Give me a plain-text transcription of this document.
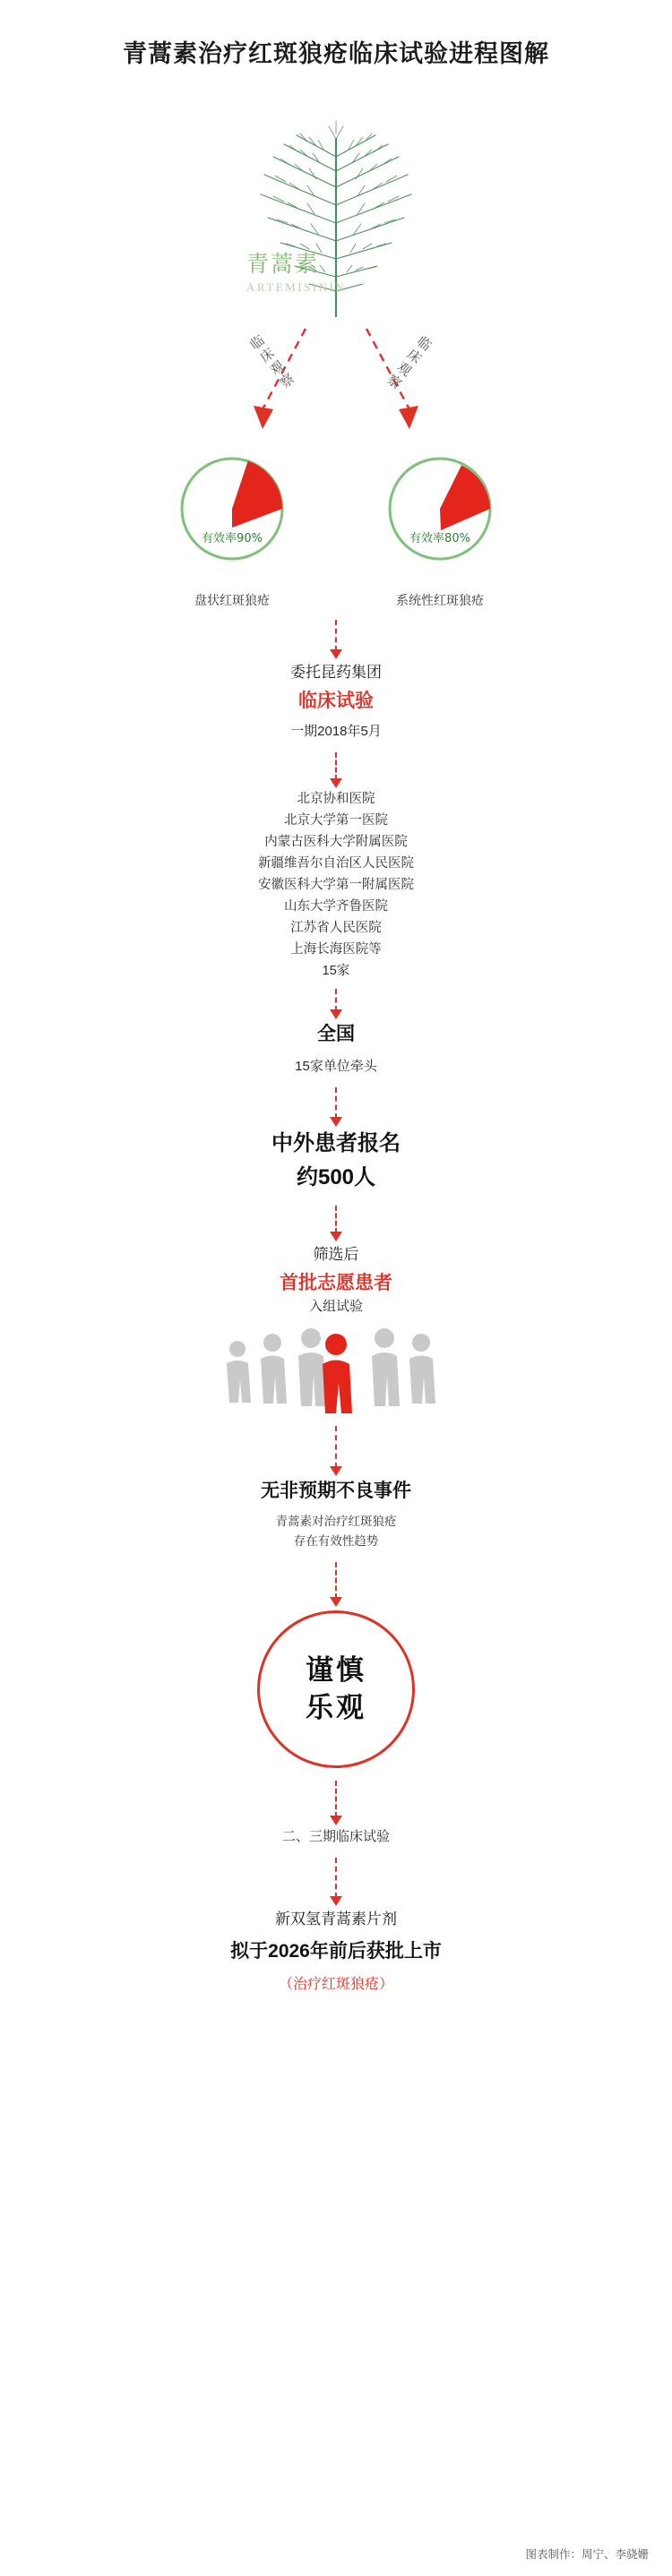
青蒿素治疗红斑狼疮临床试验进程图解
青蒿素
ARTEMISININ
临床观察	临床观察
有效率90%
盘状红斑狼疮
有效率80%
系统性红斑狼疮
委托昆药集团
临床试验
一期2018年5月
北京协和医院
北京大学第一医院
内蒙古医科大学附属医院
新疆维吾尔自治区人民医院
安徽医科大学第一附属医院
山东大学齐鲁医院
江苏省人民医院
上海长海医院等
15家
全国
15家单位牵头
中外患者报名
约500人
筛选后
首批志愿患者
入组试验
无非预期不良事件
青蒿素对治疗红斑狼疮
存在有效性趋势
谨慎
乐观
二、三期临床试验
新双氢青蒿素片剂
拟于2026年前后获批上市
（治疗红斑狼疮）
图表制作：周宁、李骁姗
